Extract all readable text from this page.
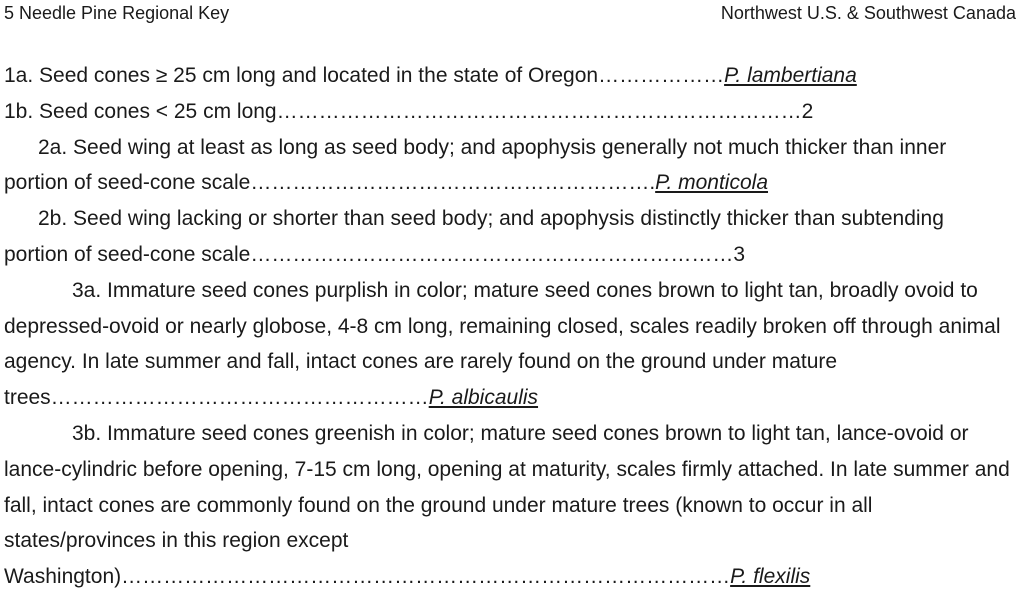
5 Needle Pine Regional Key	Northwest U.S. & Southwest Canada

1a. Seed cones ≥ 25 cm long and located in the state of Oregon………………P. lambertiana

1b. Seed cones < 25 cm long…………………………………………………………………2

2a. Seed wing at least as long as seed body; and apophysis generally not much thicker than inner portion of seed-cone scale………………………………………………….P. monticola

2b. Seed wing lacking or shorter than seed body; and apophysis distinctly thicker than subtending portion of seed-cone scale……………………………………………………………3

3a. Immature seed cones purplish in color; mature seed cones brown to light tan, broadly ovoid to depressed-ovoid or nearly globose, 4-8 cm long, remaining closed, scales readily broken off through animal agency. In late summer and fall, intact cones are rarely found on the ground under mature trees………………………………………………P. albicaulis

3b. Immature seed cones greenish in color; mature seed cones brown to light tan, lance-ovoid or lance-cylindric before opening, 7-15 cm long, opening at maturity, scales firmly attached. In late summer and fall, intact cones are commonly found on the ground under mature trees (known to occur in all states/provinces in this region except Washington)……………………………………………………………………………P. flexilis
